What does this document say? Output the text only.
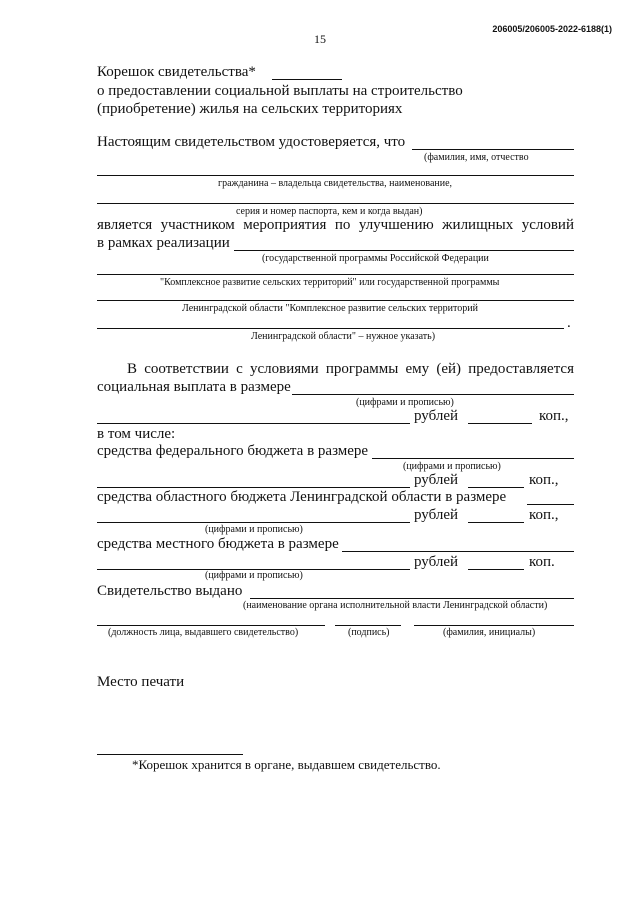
206005/206005-2022-6188(1)
15
Корешок свидетельства*
о предоставлении социальной выплаты на строительство
(приобретение) жилья на сельских территориях
Настоящим свидетельством удостоверяется, что
(фамилия, имя, отчество
гражданина – владельца свидетельства, наименование,
серия и номер паспорта, кем и когда выдан)
является участником мероприятия по улучшению жилищных условий
в рамках реализации
(государственной программы Российской Федерации
"Комплексное развитие сельских территорий" или государственной программы
Ленинградской области "Комплексное развитие сельских территорий
.
Ленинградской области" – нужное указать)
В соответствии с условиями программы ему (ей) предоставляется
социальная выплата в размере
(цифрами и прописью)
рублей	коп.,
в том числе:
средства федерального бюджета в размере
(цифрами и прописью)
рублей	коп.,
средства областного бюджета Ленинградской области в размере
рублей	коп.,
(цифрами и прописью)
средства местного бюджета в размере
рублей	коп.
(цифрами и прописью)
Свидетельство выдано
(наименование органа исполнительной власти Ленинградской области)
(должность лица, выдавшего свидетельство)	(подпись)	(фамилия, инициалы)
Место печати
*Корешок хранится в органе, выдавшем свидетельство.
